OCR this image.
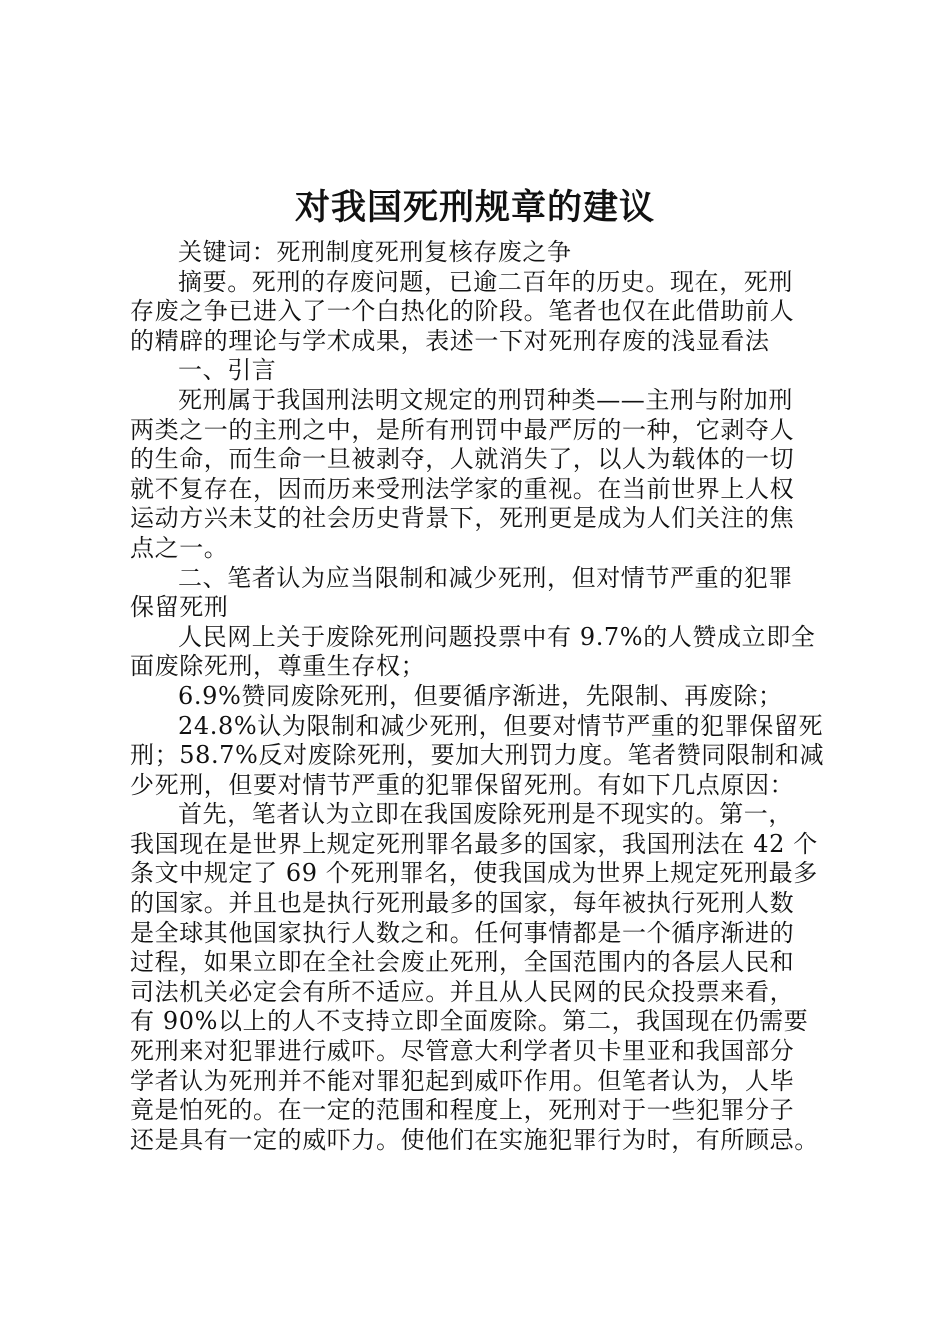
对我国死刑规章的建议
关键词：死刑制度死刑复核存废之争
摘要。死刑的存废问题，已逾二百年的历史。现在，死刑
存废之争已进入了一个白热化的阶段。笔者也仅在此借助前人
的精辟的理论与学术成果，表述一下对死刑存废的浅显看法
一、引言
死刑属于我国刑法明文规定的刑罚种类——主刑与附加刑
两类之一的主刑之中，是所有刑罚中最严厉的一种，它剥夺人
的生命，而生命一旦被剥夺，人就消失了，以人为载体的一切
就不复存在，因而历来受刑法学家的重视。在当前世界上人权
运动方兴未艾的社会历史背景下，死刑更是成为人们关注的焦
点之一。
二、笔者认为应当限制和减少死刑，但对情节严重的犯罪
保留死刑
人民网上关于废除死刑问题投票中有 9.7%的人赞成立即全
面废除死刑，尊重生存权；
6.9%赞同废除死刑，但要循序渐进，先限制、再废除；
24.8%认为限制和减少死刑，但要对情节严重的犯罪保留死
刑；58.7%反对废除死刑，要加大刑罚力度。笔者赞同限制和减
少死刑，但要对情节严重的犯罪保留死刑。有如下几点原因：
首先，笔者认为立即在我国废除死刑是不现实的。第一，
我国现在是世界上规定死刑罪名最多的国家，我国刑法在 42 个
条文中规定了 69 个死刑罪名，使我国成为世界上规定死刑最多
的国家。并且也是执行死刑最多的国家，每年被执行死刑人数
是全球其他国家执行人数之和。任何事情都是一个循序渐进的
过程，如果立即在全社会废止死刑，全国范围内的各层人民和
司法机关必定会有所不适应。并且从人民网的民众投票来看，
有 90%以上的人不支持立即全面废除。第二，我国现在仍需要
死刑来对犯罪进行威吓。尽管意大利学者贝卡里亚和我国部分
学者认为死刑并不能对罪犯起到威吓作用。但笔者认为，人毕
竟是怕死的。在一定的范围和程度上，死刑对于一些犯罪分子
还是具有一定的威吓力。使他们在实施犯罪行为时，有所顾忌。
